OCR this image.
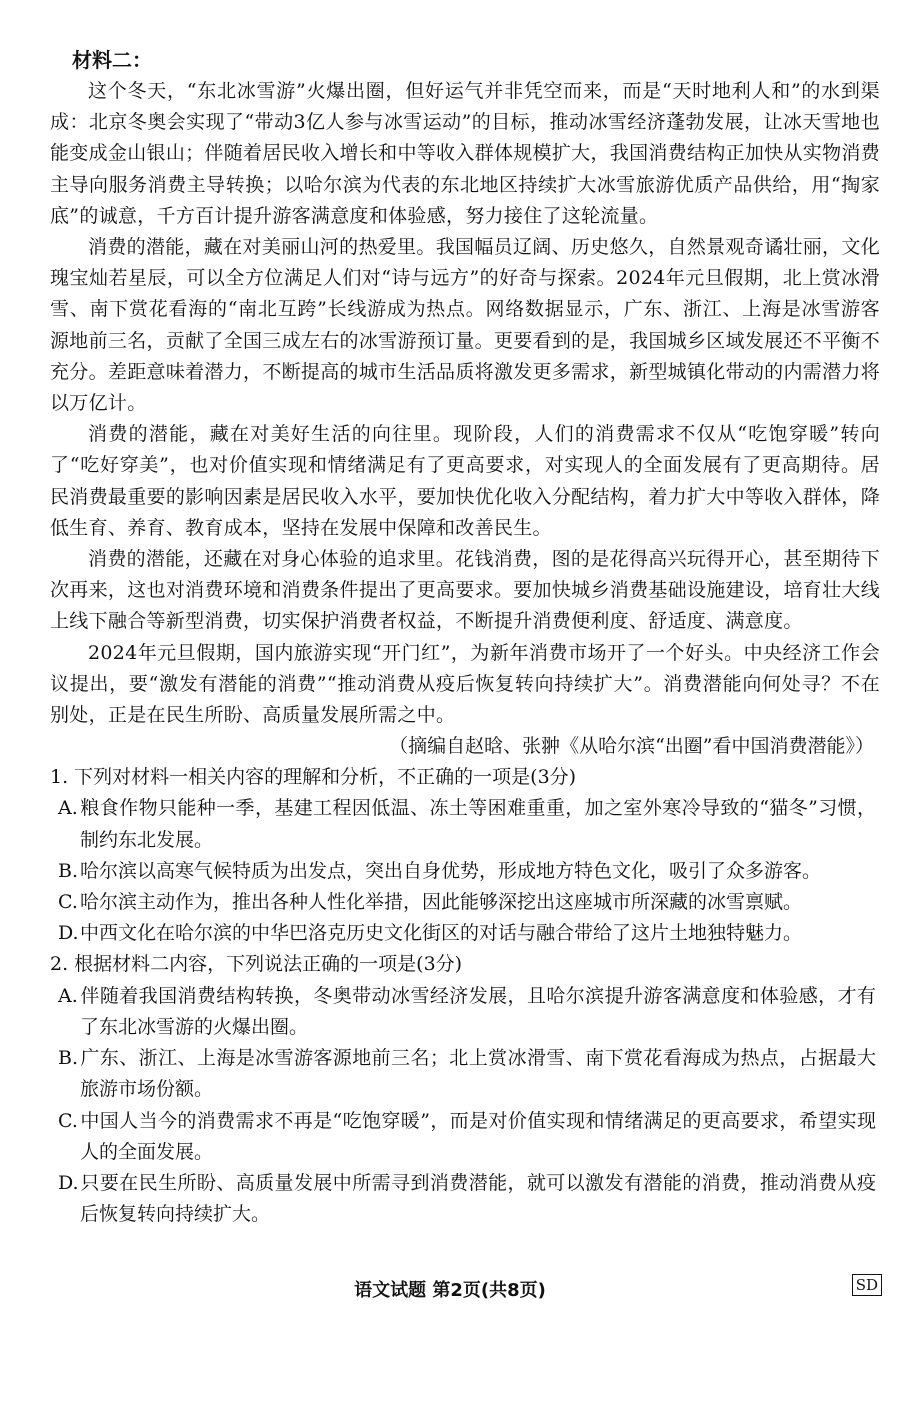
材料二：

这个冬天，“东北冰雪游”火爆出圈，但好运气并非凭空而来，而是“天时地利人和”的水到渠成：北京冬奥会实现了“带动3亿人参与冰雪运动”的目标，推动冰雪经济蓬勃发展，让冰天雪地也能变成金山银山；伴随着居民收入增长和中等收入群体规模扩大，我国消费结构正加快从实物消费主导向服务消费主导转换；以哈尔滨为代表的东北地区持续扩大冰雪旅游优质产品供给，用“掏家底”的诚意，千方百计提升游客满意度和体验感，努力接住了这轮流量。

消费的潜能，藏在对美丽山河的热爱里。我国幅员辽阔、历史悠久，自然景观奇谲壮丽，文化瑰宝灿若星辰，可以全方位满足人们对“诗与远方”的好奇与探索。2024年元旦假期，北上赏冰滑雪、南下赏花看海的“南北互跨”长线游成为热点。网络数据显示，广东、浙江、上海是冰雪游客源地前三名，贡献了全国三成左右的冰雪游预订量。更要看到的是，我国城乡区域发展还不平衡不充分。差距意味着潜力，不断提高的城市生活品质将激发更多需求，新型城镇化带动的内需潜力将以万亿计。

消费的潜能，藏在对美好生活的向往里。现阶段，人们的消费需求不仅从“吃饱穿暖”转向了“吃好穿美”，也对价值实现和情绪满足有了更高要求，对实现人的全面发展有了更高期待。居民消费最重要的影响因素是居民收入水平，要加快优化收入分配结构，着力扩大中等收入群体，降低生育、养育、教育成本，坚持在发展中保障和改善民生。

消费的潜能，还藏在对身心体验的追求里。花钱消费，图的是花得高兴玩得开心，甚至期待下次再来，这也对消费环境和消费条件提出了更高要求。要加快城乡消费基础设施建设，培育壮大线上线下融合等新型消费，切实保护消费者权益，不断提升消费便利度、舒适度、满意度。

2024年元旦假期，国内旅游实现“开门红”，为新年消费市场开了一个好头。中央经济工作会议提出，要“激发有潜能的消费”“推动消费从疫后恢复转向持续扩大”。消费潜能向何处寻？不在别处，正是在民生所盼、高质量发展所需之中。

（摘编自赵晗、张翀《从哈尔滨“出圈”看中国消费潜能》）

1. 下列对材料一相关内容的理解和分析，不正确的一项是(3分)

A. 粮食作物只能种一季，基建工程因低温、冻土等困难重重，加之室外寒冷导致的“猫冬”习惯，制约东北发展。

B. 哈尔滨以高寒气候特质为出发点，突出自身优势，形成地方特色文化，吸引了众多游客。

C. 哈尔滨主动作为，推出各种人性化举措，因此能够深挖出这座城市所深藏的冰雪禀赋。

D.中西文化在哈尔滨的中华巴洛克历史文化街区的对话与融合带给了这片土地独特魅力。

2. 根据材料二内容，下列说法正确的一项是(3分)

A. 伴随着我国消费结构转换，冬奥带动冰雪经济发展，且哈尔滨提升游客满意度和体验感，才有了东北冰雪游的火爆出圈。

B. 广东、浙江、上海是冰雪游客源地前三名；北上赏冰滑雪、南下赏花看海成为热点，占据最大旅游市场份额。

C. 中国人当今的消费需求不再是“吃饱穿暖”，而是对价值实现和情绪满足的更高要求，希望实现人的全面发展。

D.只要在民生所盼、高质量发展中所需寻到消费潜能，就可以激发有潜能的消费，推动消费从疫后恢复转向持续扩大。

语文试题 第2页(共8页)	SD
